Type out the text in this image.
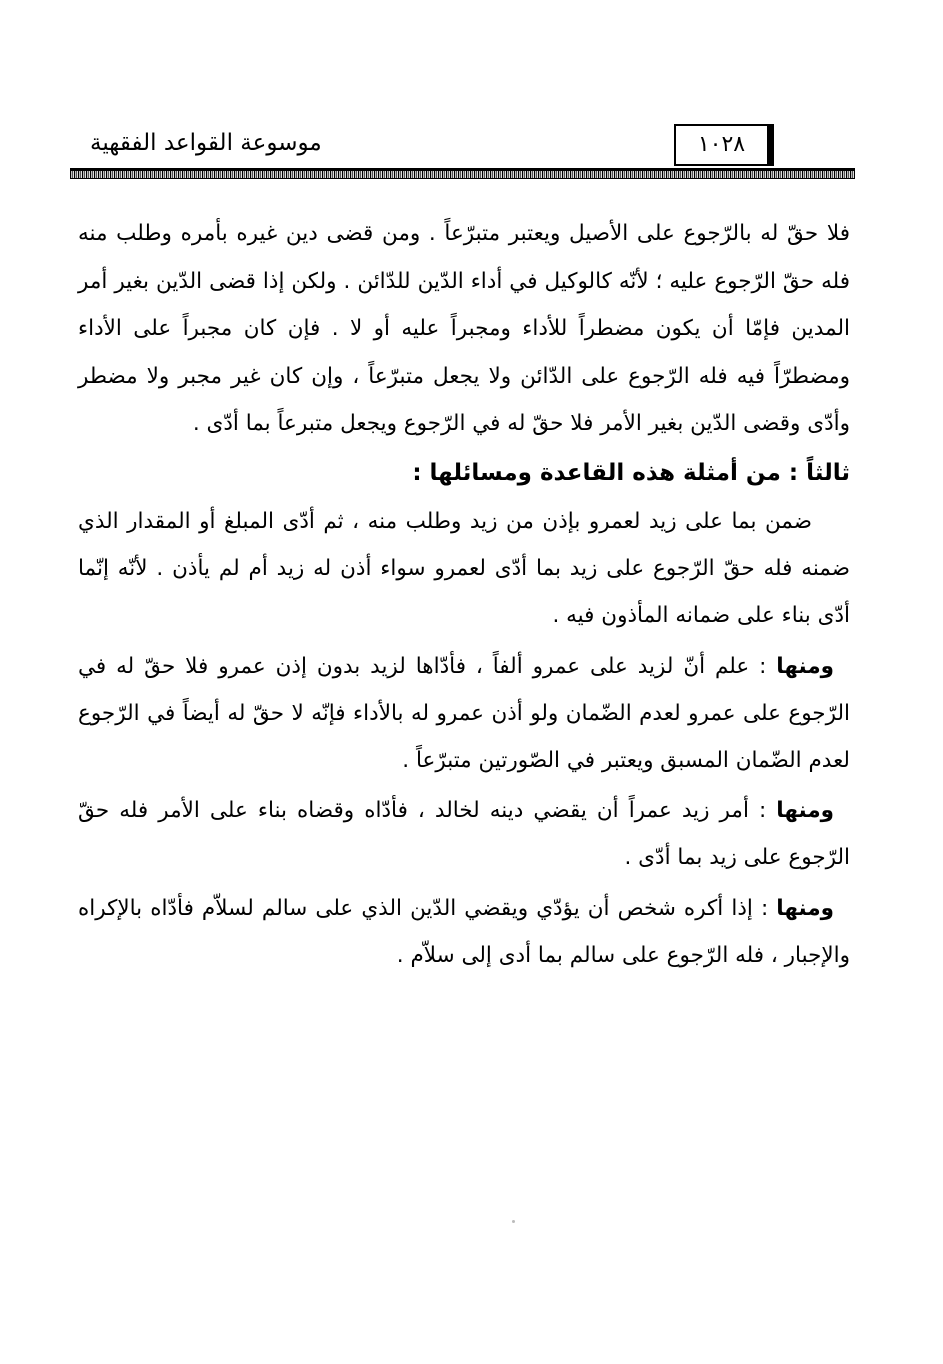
موسوعة القواعد الفقهية	١٠٢٨

فلا حقّ له بالرّجوع على الأصيل ويعتبر متبرّعاً . ومن قضى دين غيره بأمره وطلب منه فله حقّ الرّجوع عليه ؛ لأنّه كالوكيل في أداء الدّين للدّائن . ولكن إذا قضى الدّين بغير أمر المدين فإمّا أن يكون مضطراً للأداء ومجبراً عليه أو لا . فإن كان مجبراً على الأداء ومضطرّاً فيه فله الرّجوع على الدّائن ولا يجعل متبرّعاً ، وإن كان غير مجبر ولا مضطر وأدّى وقضى الدّين بغير الأمر فلا حقّ له في الرّجوع ويجعل متبرعاً بما أدّى .

ثالثاً : من أمثلة هذه القاعدة ومسائلها :

ضمن بما على زيد لعمرو بإذن من زيد وطلب منه ، ثم أدّى المبلغ أو المقدار الذي ضمنه فله حقّ الرّجوع على زيد بما أدّى لعمرو سواء أذن له زيد أم لم يأذن . لأنّه إنّما أدّى بناء على ضمانه المأذون فيه .

ومنها : علم أنّ لزيد على عمرو ألفاً ، فأدّاها لزيد بدون إذن عمرو فلا حقّ له في الرّجوع على عمرو لعدم الضّمان ولو أذن عمرو له بالأداء فإنّه لا حقّ له أيضاً في الرّجوع لعدم الضّمان المسبق ويعتبر في الصّورتين متبرّعاً .

ومنها : أمر زيد عمراً أن يقضي دينه لخالد ، فأدّاه وقضاه بناء على الأمر فله حقّ الرّجوع على زيد بما أدّى .

ومنها : إذا أكره شخص أن يؤدّي ويقضي الدّين الذي على سالم لسلاّم فأدّاه بالإكراه والإجبار ، فله الرّجوع على سالم بما أدى إلى سلاّم .
